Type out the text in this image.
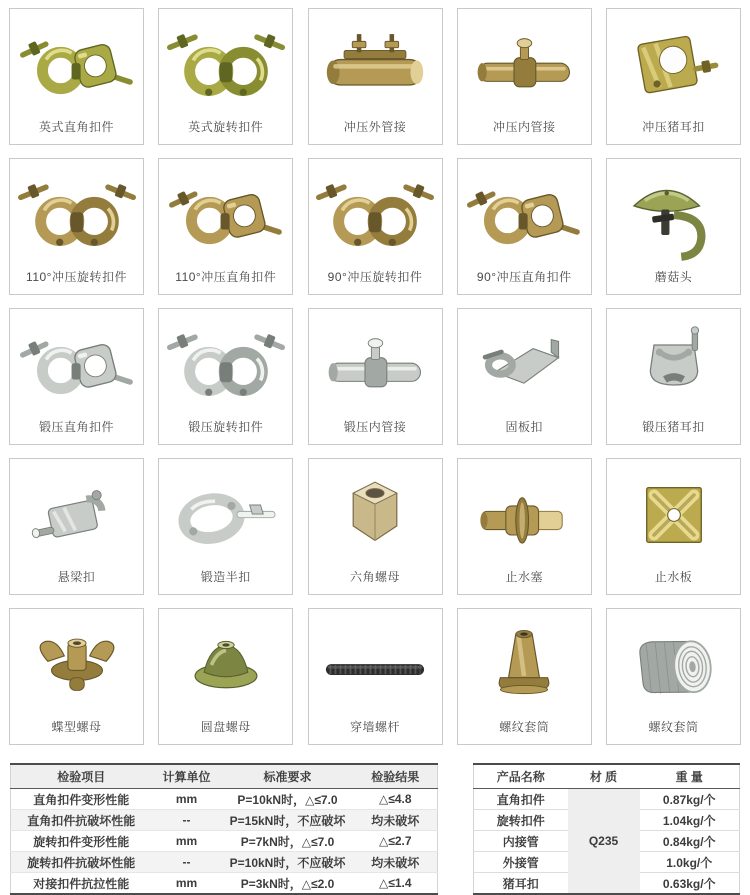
英式直角扣件	英式旋转扣件	冲压外管接	冲压内管接	冲压猪耳扣
110°冲压旋转扣件	110°冲压直角扣件	90°冲压旋转扣件	90°冲压直角扣件	蘑菇头
锻压直角扣件	锻压旋转扣件	锻压内管接	固板扣	锻压猪耳扣
悬梁扣	锻造半扣	六角螺母	止水塞	止水板
蝶型螺母	圆盘螺母	穿墙螺杆	螺纹套筒	螺纹套筒
检验项目	计算单位	标准要求	检验结果
直角扣件变形性能	mm	P=10kN时，△≤7.0	△≤4.8
直角扣件抗破坏性能	--	P=15kN时，不应破坏	均未破坏
旋转扣件变形性能	mm	P=7kN时，△≤7.0	△≤2.7
旋转扣件抗破坏性能	--	P=10kN时，不应破坏	均未破坏
对接扣件抗拉性能	mm	P=3kN时，△≤2.0	△≤1.4
产品名称	材 质	重 量
直角扣件	Q235	0.87kg/个
旋转扣件		1.04kg/个
内接管		0.84kg/个
外接管		1.0kg/个
猪耳扣		0.63kg/个
